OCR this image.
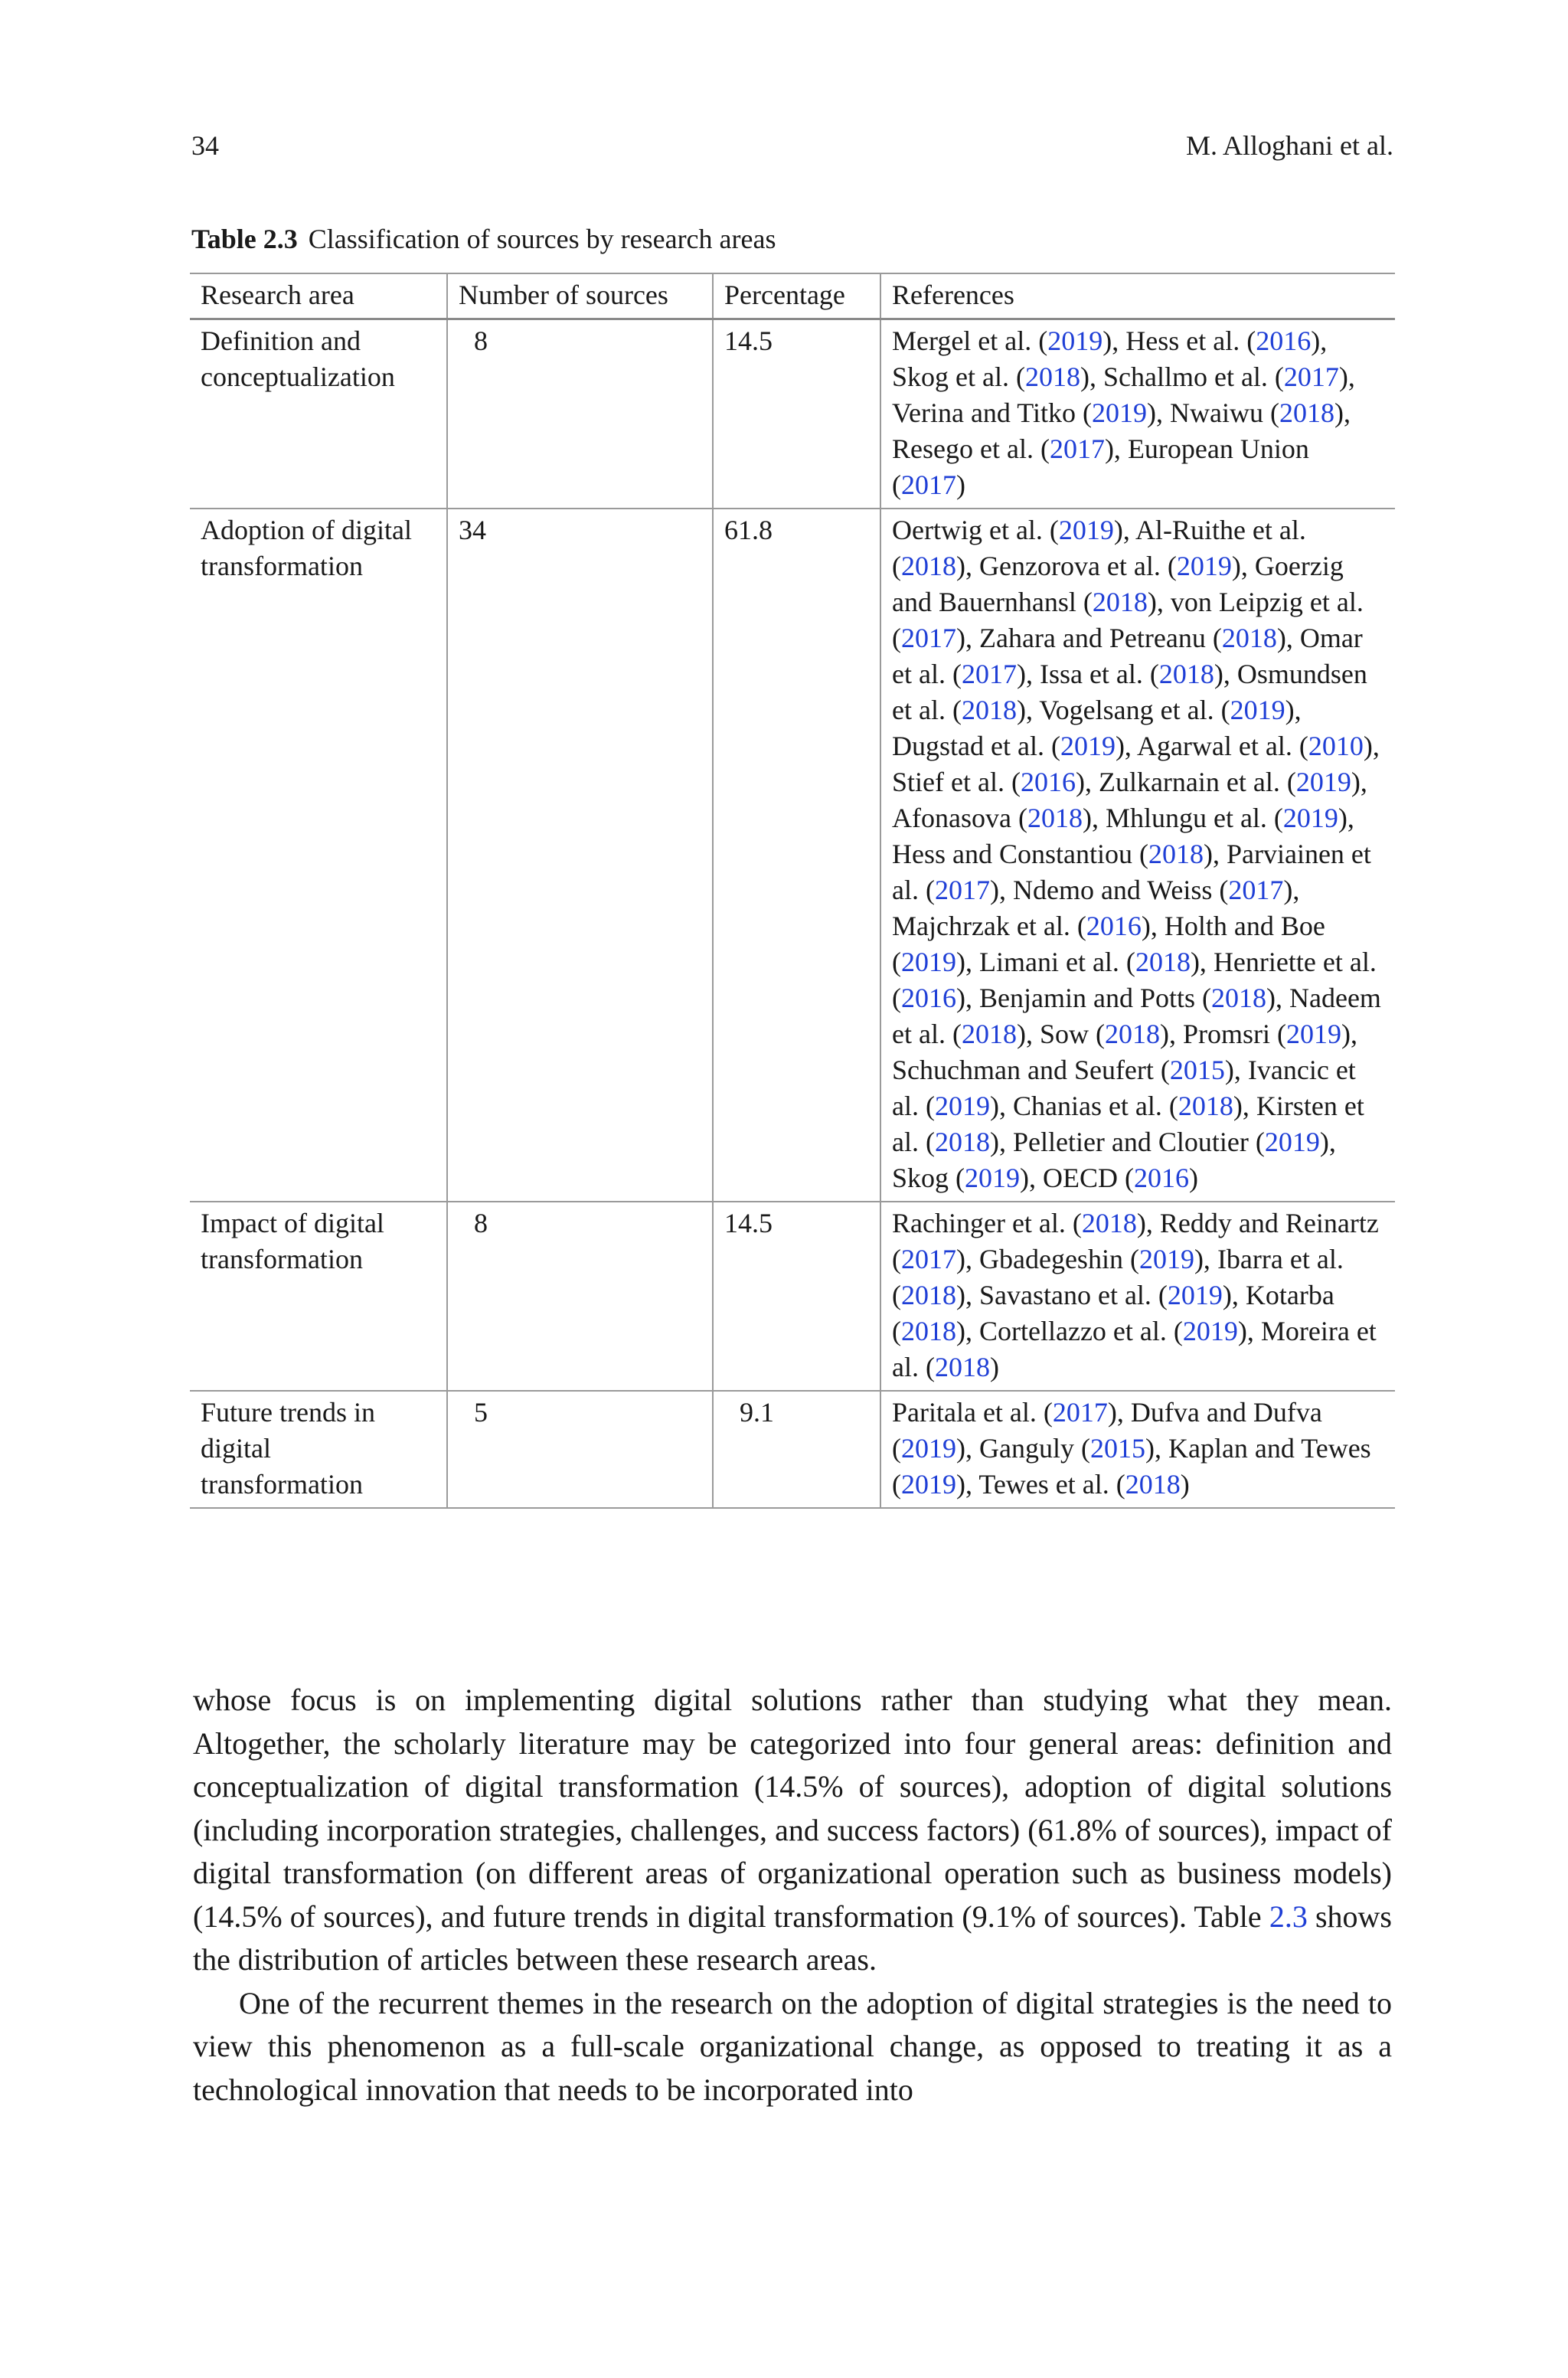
34	M. Alloghani et al.
Table 2.3 Classification of sources by research areas
Research area	Number of sources	Percentage	References
Definition and conceptualization	8	14.5	Mergel et al. (2019), Hess et al. (2016), Skog et al. (2018), Schallmo et al. (2017), Verina and Titko (2019), Nwaiwu (2018), Resego et al. (2017), European Union (2017)
Adoption of digital transformation	34	61.8	Oertwig et al. (2019), Al-Ruithe et al. (2018), Genzorova et al. (2019), Goerzig and Bauernhansl (2018), von Leipzig et al. (2017), Zahara and Petreanu (2018), Omar et al. (2017), Issa et al. (2018), Osmundsen et al. (2018), Vogelsang et al. (2019), Dugstad et al. (2019), Agarwal et al. (2010), Stief et al. (2016), Zulkarnain et al. (2019), Afonasova (2018), Mhlungu et al. (2019), Hess and Constantiou (2018), Parviainen et al. (2017), Ndemo and Weiss (2017), Majchrzak et al. (2016), Holth and Boe (2019), Limani et al. (2018), Henriette et al. (2016), Benjamin and Potts (2018), Nadeem et al. (2018), Sow (2018), Promsri (2019), Schuchman and Seufert (2015), Ivancic et al. (2019), Chanias et al. (2018), Kirsten et al. (2018), Pelletier and Cloutier (2019), Skog (2019), OECD (2016)
Impact of digital transformation	8	14.5	Rachinger et al. (2018), Reddy and Reinartz (2017), Gbadegeshin (2019), Ibarra et al. (2018), Savastano et al. (2019), Kotarba (2018), Cortellazzo et al. (2019), Moreira et al. (2018)
Future trends in digital transformation	5	9.1	Paritala et al. (2017), Dufva and Dufva (2019), Ganguly (2015), Kaplan and Tewes (2019), Tewes et al. (2018)

whose focus is on implementing digital solutions rather than studying what they mean. Altogether, the scholarly literature may be categorized into four general areas: definition and conceptualization of digital transformation (14.5% of sources), adoption of digital solutions (including incorporation strategies, challenges, and success factors) (61.8% of sources), impact of digital transformation (on different areas of organizational operation such as business models) (14.5% of sources), and future trends in digital transformation (9.1% of sources). Table 2.3 shows the distribution of articles between these research areas.

One of the recurrent themes in the research on the adoption of digital strategies is the need to view this phenomenon as a full-scale organizational change, as opposed to treating it as a technological innovation that needs to be incorporated into
